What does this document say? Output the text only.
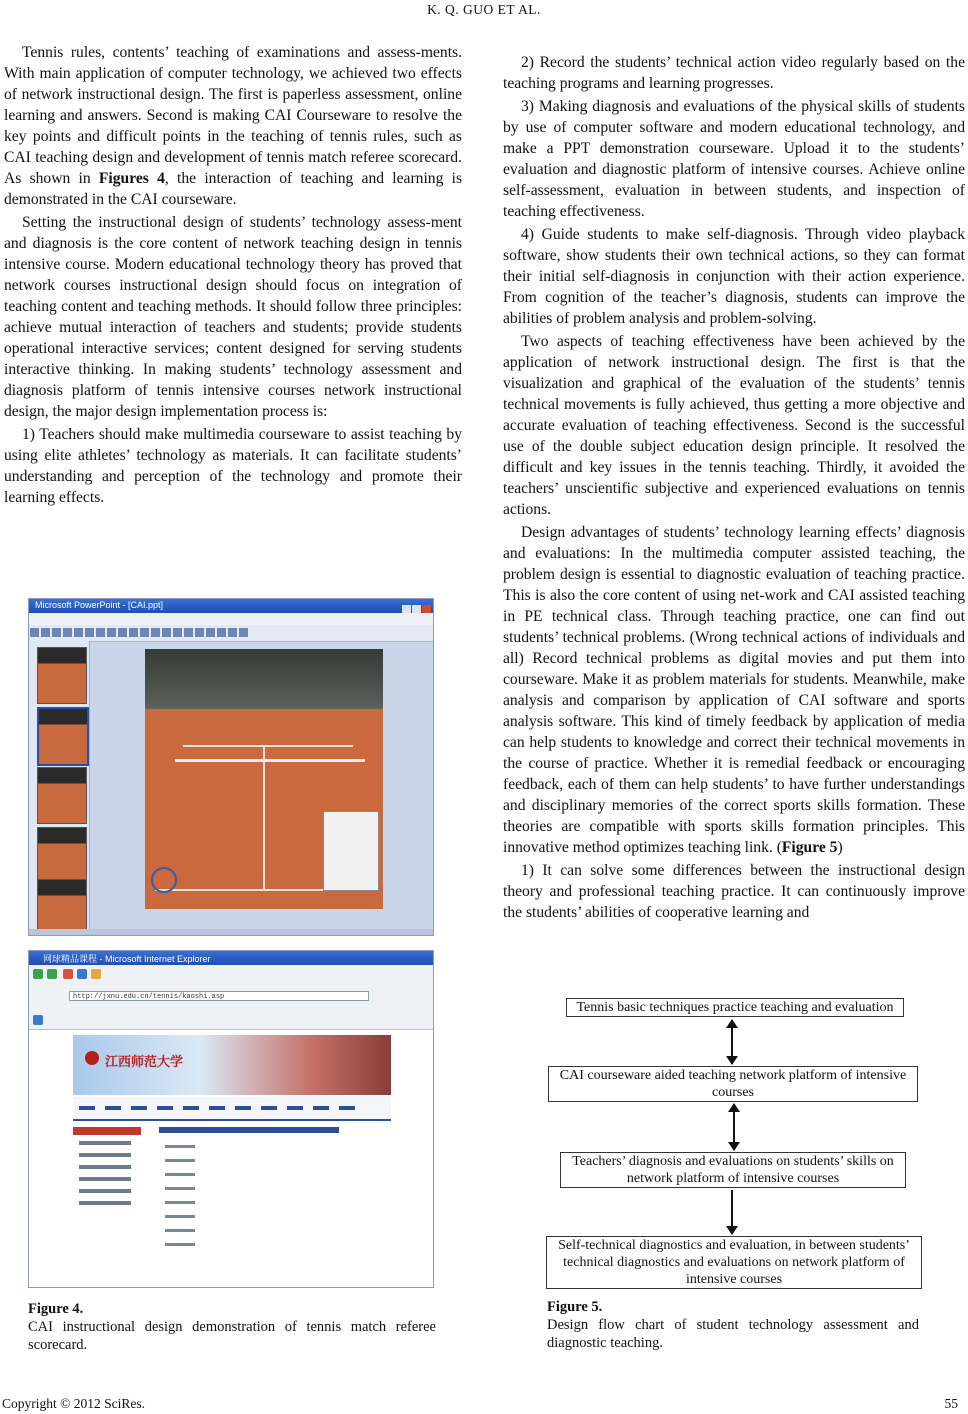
K. Q. GUO ET AL.

Tennis rules, contents’ teaching of examinations and assess-ments. With main application of computer technology, we achieved two effects of network instructional design. The first is paperless assessment, online learning and answers. Second is making CAI Courseware to resolve the key points and difficult points in the teaching of tennis rules, such as CAI teaching design and development of tennis match referee scorecard. As shown in Figures 4, the interaction of teaching and learning is demonstrated in the CAI courseware.

Setting the instructional design of students’ technology assess-ment and diagnosis is the core content of network teaching design in tennis intensive course. Modern educational technology theory has proved that network courses instructional design should focus on integration of teaching content and teaching methods. It should follow three principles: achieve mutual interaction of teachers and students; provide students operational interactive services; content designed for serving students interactive thinking. In making students’ technology assessment and diagnosis platform of tennis intensive courses network instructional design, the major design implementation process is:

1) Teachers should make multimedia courseware to assist teaching by using elite athletes’ technology as materials. It can facilitate students’ understanding and perception of the technology and promote their learning effects.

Microsoft PowerPoint - [CAI.ppt]
网球精品课程 - Microsoft Internet Explorer
http://jxnu.edu.cn/tennis/kaoshi.asp
江西师范大学
Figure 4.
CAI instructional design demonstration of tennis match referee scorecard.

2) Record the students’ technical action video regularly based on the teaching programs and learning progresses.

3) Making diagnosis and evaluations of the physical skills of students by use of computer software and modern educational technology, and make a PPT demonstration courseware. Upload it to the students’ evaluation and diagnostic platform of intensive courses. Achieve online self-assessment, evaluation in between students, and inspection of teaching effectiveness.

4) Guide students to make self-diagnosis. Through video playback software, show students their own technical actions, so they can format their initial self-diagnosis in conjunction with their action experience. From cognition of the teacher’s diagnosis, students can improve the abilities of problem analysis and problem-solving.

Two aspects of teaching effectiveness have been achieved by the application of network instructional design. The first is that the visualization and graphical of the evaluation of the students’ tennis technical movements is fully achieved, thus getting a more objective and accurate evaluation of teaching effectiveness. Second is the successful use of the double subject education design principle. It resolved the difficult and key issues in the tennis teaching. Thirdly, it avoided the teachers’ unscientific subjective and experienced evaluations on tennis actions.

Design advantages of students’ technology learning effects’ diagnosis and evaluations: In the multimedia computer assisted teaching, the problem design is essential to diagnostic evaluation of teaching practice. This is also the core content of using net-work and CAI assisted teaching in PE technical class. Through teaching practice, one can find out students’ technical problems. (Wrong technical actions of individuals and all) Record technical problems as digital movies and put them into courseware. Make it as problem materials for students. Meanwhile, make analysis and comparison by application of CAI software and sports analysis software. This kind of timely feedback by application of media can help students to knowledge and correct their technical movements in the course of practice. Whether it is remedial feedback or encouraging feedback, each of them can help students’ to have further understandings and disciplinary memories of the correct sports skills formation. These theories are compatible with sports skills formation principles. This innovative method optimizes teaching link. (Figure 5)

1) It can solve some differences between the instructional design theory and professional teaching practice. It can continuously improve the students’ abilities of cooperative learning and

Tennis basic techniques practice teaching and evaluation
CAI courseware aided teaching network platform of intensive
courses
Teachers’ diagnosis and evaluations on students’ skills on
network platform of intensive courses
Self-technical diagnostics and evaluation, in between students’
technical diagnostics and evaluations on network platform of
intensive courses
Figure 5.
Design flow chart of student technology assessment and diagnostic teaching.
Copyright © 2012 SciRes.	55
